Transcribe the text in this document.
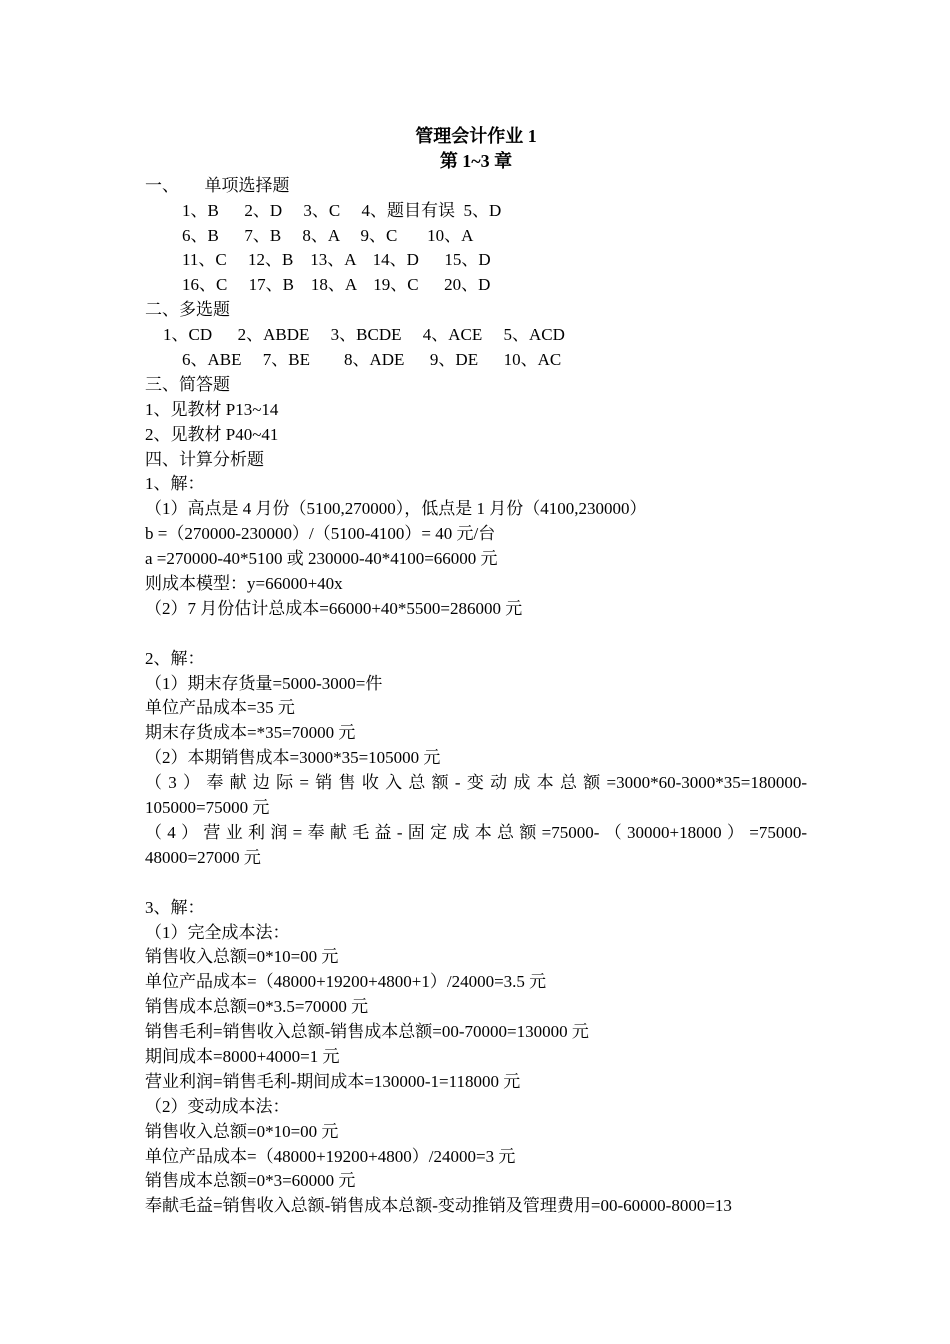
管理会计作业 1
第 1~3 章
一、      单项选择题
1、B      2、D     3、C     4、题目有误  5、D
6、B      7、B     8、A     9、C       10、A
11、C     12、B    13、A    14、D      15、D
16、C     17、B    18、A    19、C      20、D
二、多选题
1、CD      2、ABDE     3、BCDE     4、ACE     5、ACD
6、ABE     7、BE        8、ADE      9、DE      10、AC
三、简答题
1、见教材 P13~14
2、见教材 P40~41
四、计算分析题
1、解：
（1）高点是 4 月份（5100,270000），低点是 1 月份（4100,230000）
b =（270000-230000）/（5100-4100）= 40 元/台
a =270000-40*5100 或 230000-40*4100=66000 元
则成本模型：y=66000+40x
（2）7 月份估计总成本=66000+40*5500=286000 元
2、解：
（1）期末存货量=5000-3000=件
单位产品成本=35 元
期末存货成本=*35=70000 元
（2）本期销售成本=3000*35=105000 元
（3）奉献边际=销售收入总额-变动成本总额=3000*60-3000*35=180000-
105000=75000 元
（4）营业利润=奉献毛益-固定成本总额=75000-（30000+18000）=75000-
48000=27000 元
3、解：
（1）完全成本法：
销售收入总额=0*10=00 元
单位产品成本=（48000+19200+4800+1）/24000=3.5 元
销售成本总额=0*3.5=70000 元
销售毛利=销售收入总额-销售成本总额=00-70000=130000 元
期间成本=8000+4000=1 元
营业利润=销售毛利-期间成本=130000-1=118000 元
（2）变动成本法：
销售收入总额=0*10=00 元
单位产品成本=（48000+19200+4800）/24000=3 元
销售成本总额=0*3=60000 元
奉献毛益=销售收入总额-销售成本总额-变动推销及管理费用=00-60000-8000=13
